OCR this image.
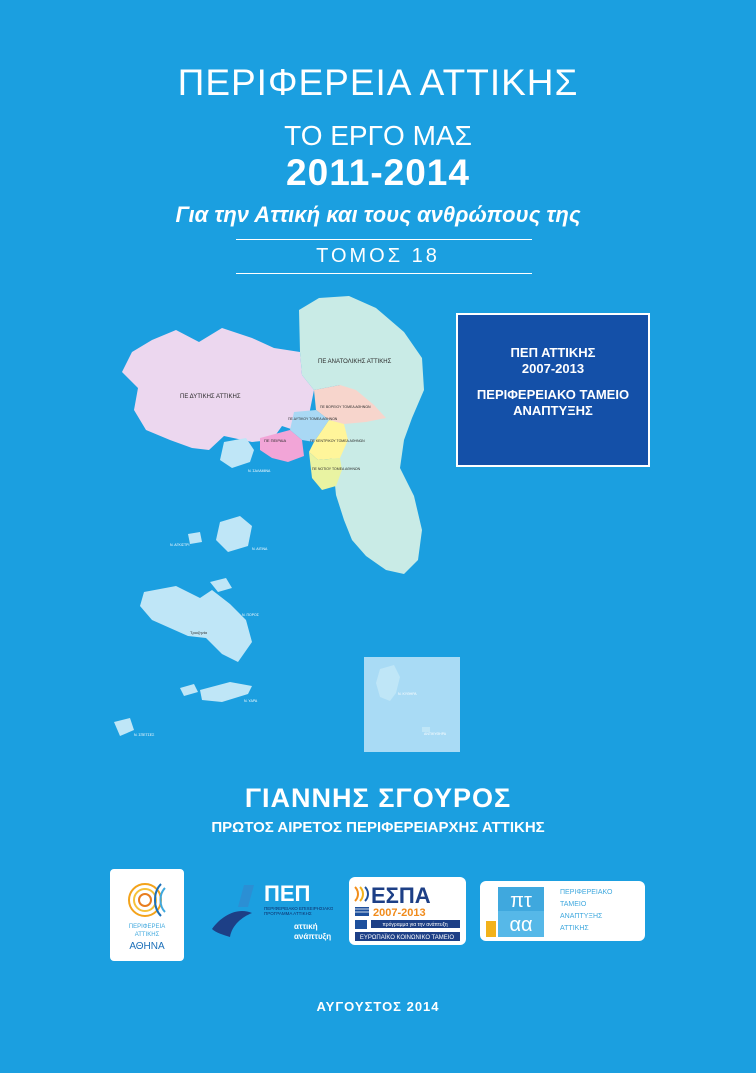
ΠΕΡΙΦΕΡΕΙΑ ΑΤΤΙΚΗΣ
ΤΟ ΕΡΓΟ ΜΑΣ
2011-2014
Για την Αττική και τους ανθρώπους της
ΤΟΜΟΣ 18
ΠΕ ΔΥΤΙΚΗΣ ΑΤΤΙΚΗΣ
ΠΕ ΑΝΑΤΟΛΙΚΗΣ ΑΤΤΙΚΗΣ
ΠΕ ΠΕΙΡΑΙΑ
ΠΕ ΒΟΡΕΙΟΥ ΤΟΜΕΑ ΑΘΗΝΩΝ
ΠΕ ΔΥΤΙΚΟΥ ΤΟΜΕΑ ΑΘΗΝΩΝ
ΠΕ ΚΕΝΤΡΙΚΟΥ ΤΟΜΕΑ ΑΘΗΝΩΝ
ΠΕ ΝΟΤΙΟΥ ΤΟΜΕΑ ΑΘΗΝΩΝ
Ν. ΣΑΛΑΜΙΝΑ
Ν. ΑΓΚΙΣΤΡΙ
Ν. ΑΙΓΙΝΑ
Ν. ΠΟΡΟΣ
Ν. ΥΔΡΑ
Ν. ΣΠΕΤΣΕΣ
Τροιζηνία
Ν. ΚΥΘΗΡΑ
ΑΝΤΙΚΥΘΗΡΑ
ΠΕΠ ΑΤΤΙΚΗΣ
2007-2013
ΠΕΡΙΦΕΡΕΙΑΚΟ ΤΑΜΕΙΟ
ΑΝΑΠΤΥΞΗΣ
ΓΙΑΝΝΗΣ ΣΓΟΥΡΟΣ
ΠΡΩΤΟΣ ΑΙΡΕΤΟΣ ΠΕΡΙΦΕΡΕΙΑΡΧΗΣ ΑΤΤΙΚΗΣ
ΠΕΡΙΦΕΡΕΙΑ
ΑΤΤΙΚΗΣ
ΑΘΗΝΑ
ΠΕΠ
ΠΕΡΙΦΕΡΕΙΑΚΟ ΕΠΙΧΕΙΡΗΣΙΑΚΟ
ΠΡΟΓΡΑΜΜΑ ΑΤΤΙΚΗΣ
αττική
ανάπτυξη
ΕΣΠΑ
2007-2013
πρόγραμμα για την ανάπτυξη
ΕΥΡΩΠΑΪΚΟ ΚΟΙΝΩΝΙΚΟ ΤΑΜΕΙΟ
πτ
αα
ΠΕΡΙΦΕΡΕΙΑΚΟ
ΤΑΜΕΙΟ
ΑΝΑΠΤΥΞΗΣ
ΑΤΤΙΚΗΣ
ΑΥΓΟΥΣΤΟΣ 2014
